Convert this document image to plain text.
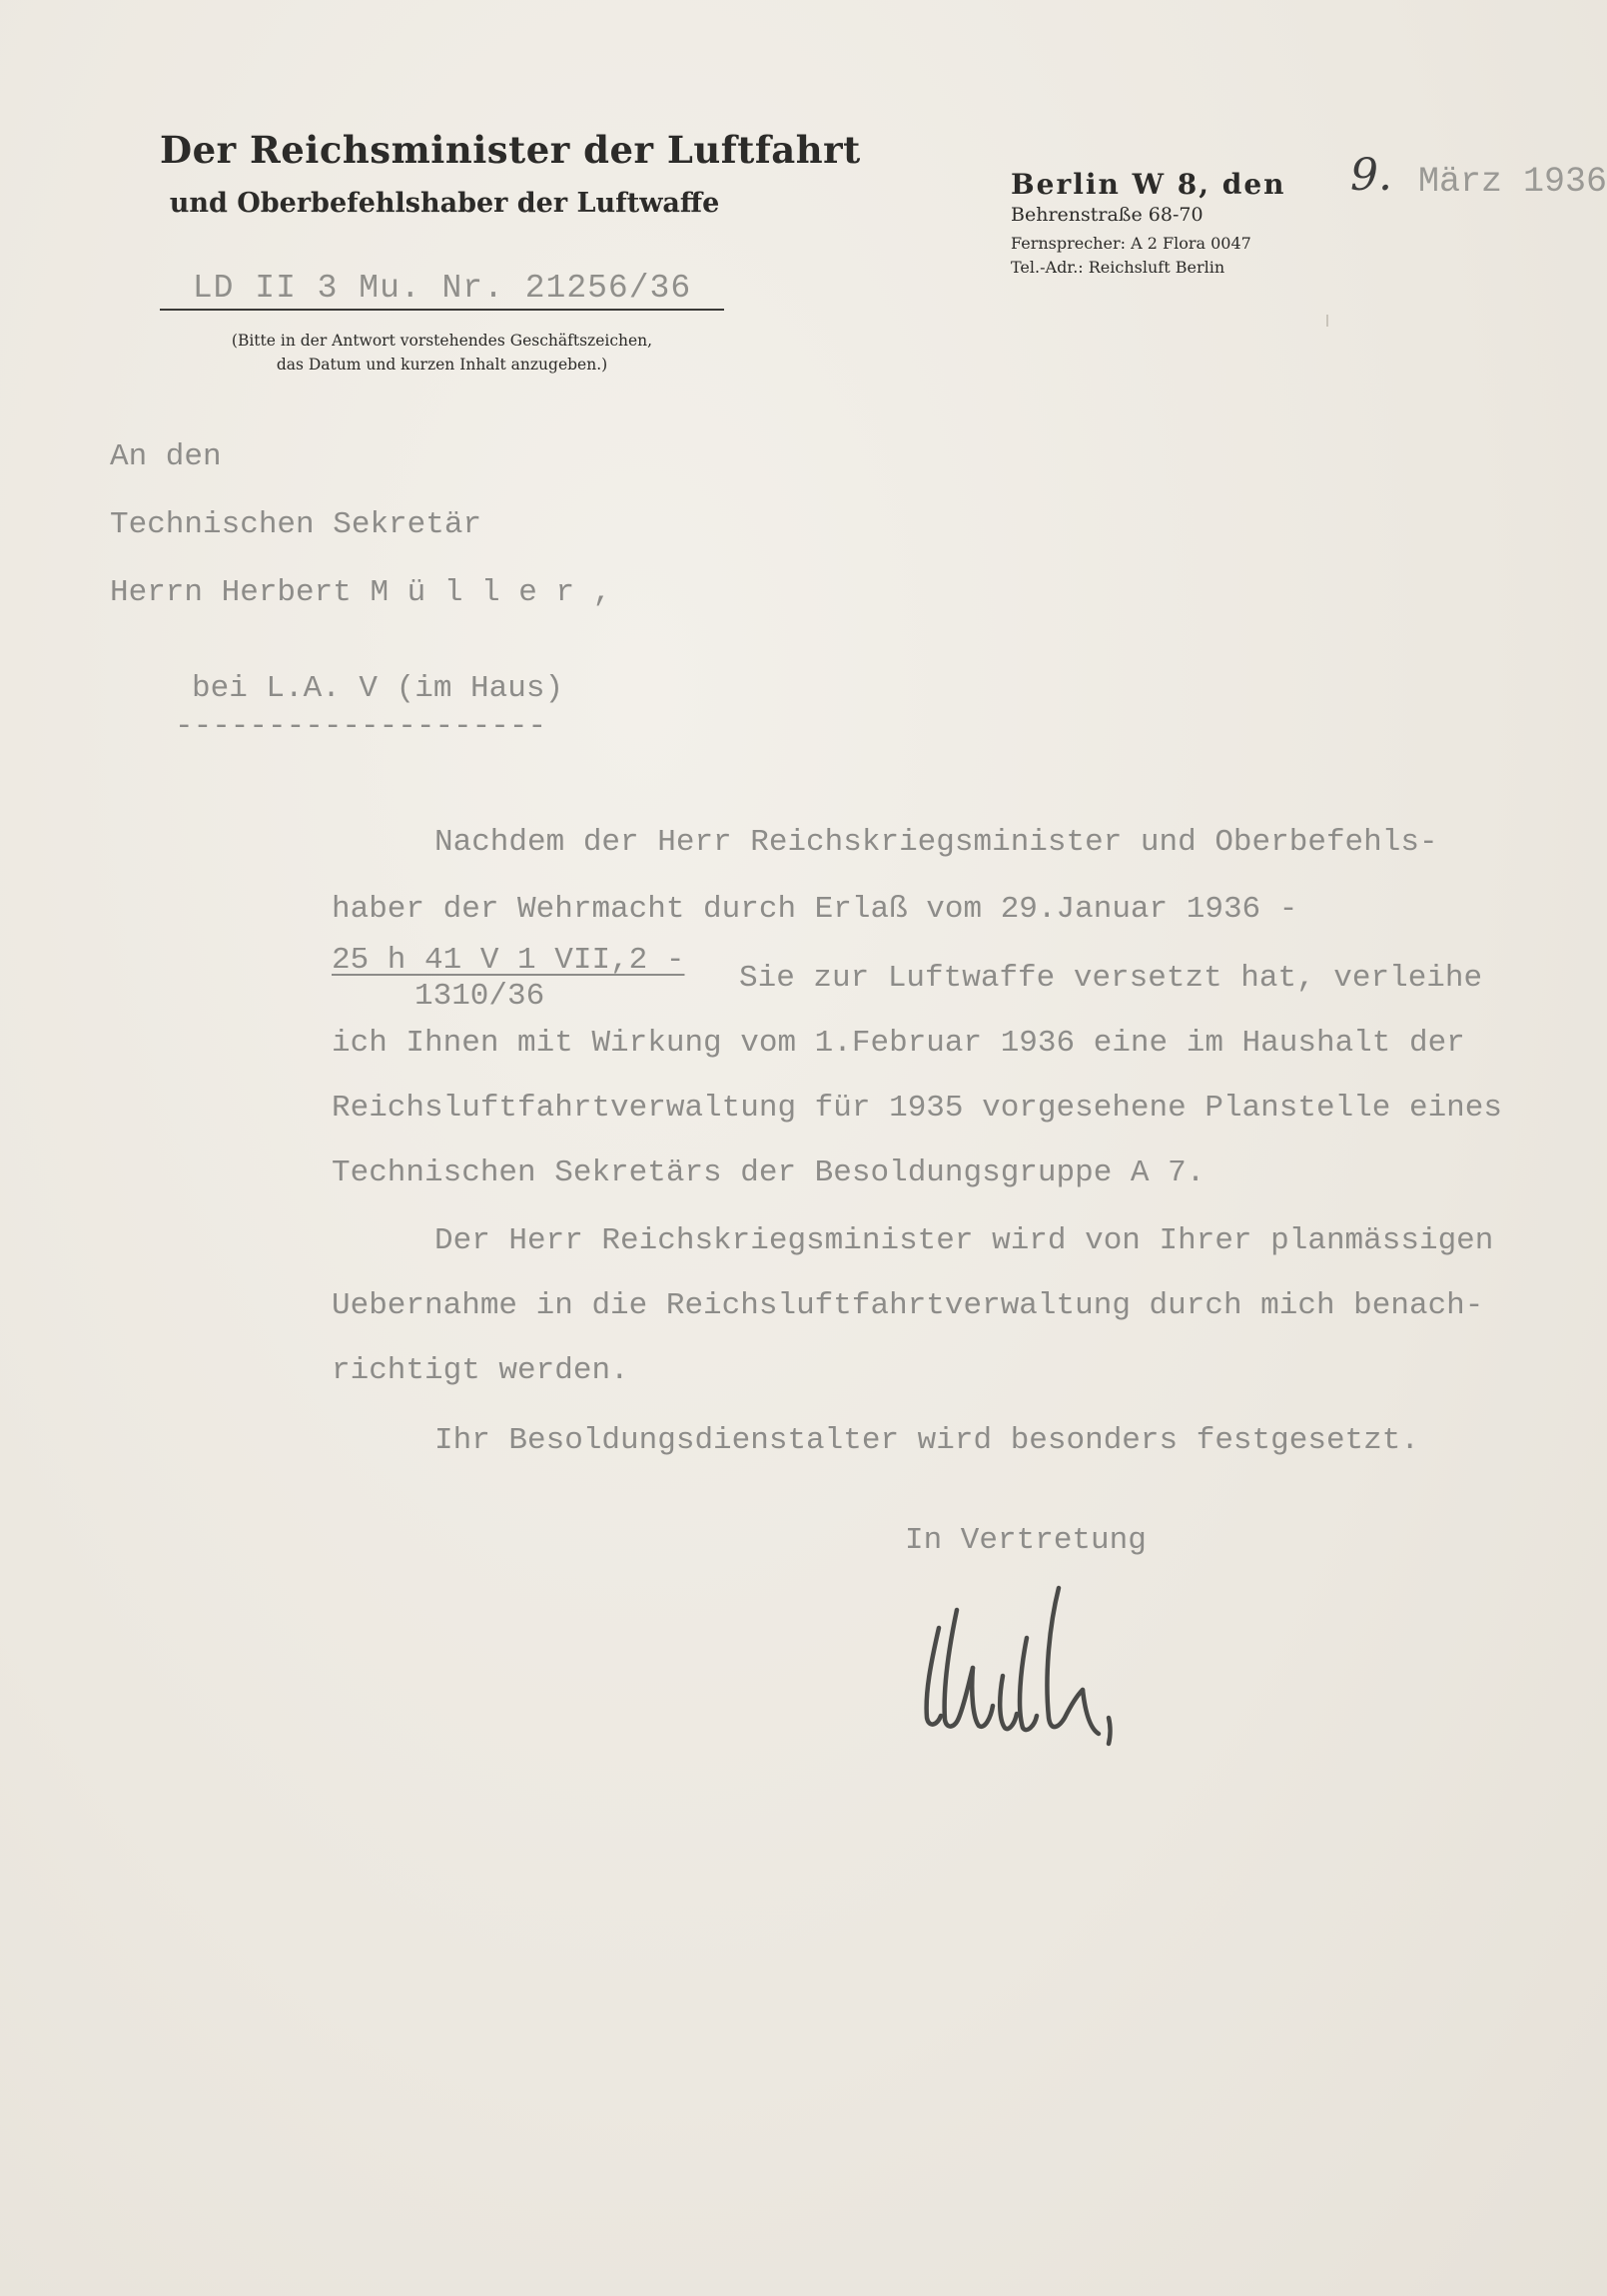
Der Reichsminister der Luftfahrt
und Oberbefehlshaber der Luftwaffe
LD II 3 Mu. Nr. 21256/36
(Bitte in der Antwort vorstehendes Geschäftszeichen,
das Datum und kurzen Inhalt anzugeben.)
Berlin W 8, den 9. März 1936
Behrenstraße 68-70
Fernsprecher: A 2 Flora 0047
Tel.-Adr.: Reichsluft Berlin
An den
Technischen Sekretär
Herrn Herbert M ü l l e r ,
bei L.A. V (im Haus)
--------------------
Nachdem der Herr Reichskriegsminister und Oberbefehls-
haber der Wehrmacht durch Erlaß vom 29.Januar 1936 -
25 h 41 V 1 VII,2 -
1310/36
Sie zur Luftwaffe versetzt hat, verleihe
ich Ihnen mit Wirkung vom 1.Februar 1936 eine im Haushalt der
Reichsluftfahrtverwaltung für 1935 vorgesehene Planstelle eines
Technischen Sekretärs der Besoldungsgruppe A 7.
Der Herr Reichskriegsminister wird von Ihrer planmässigen
Uebernahme in die Reichsluftfahrtverwaltung durch mich benach-
richtigt werden.
Ihr Besoldungsdienstalter wird besonders festgesetzt.
In Vertretung
